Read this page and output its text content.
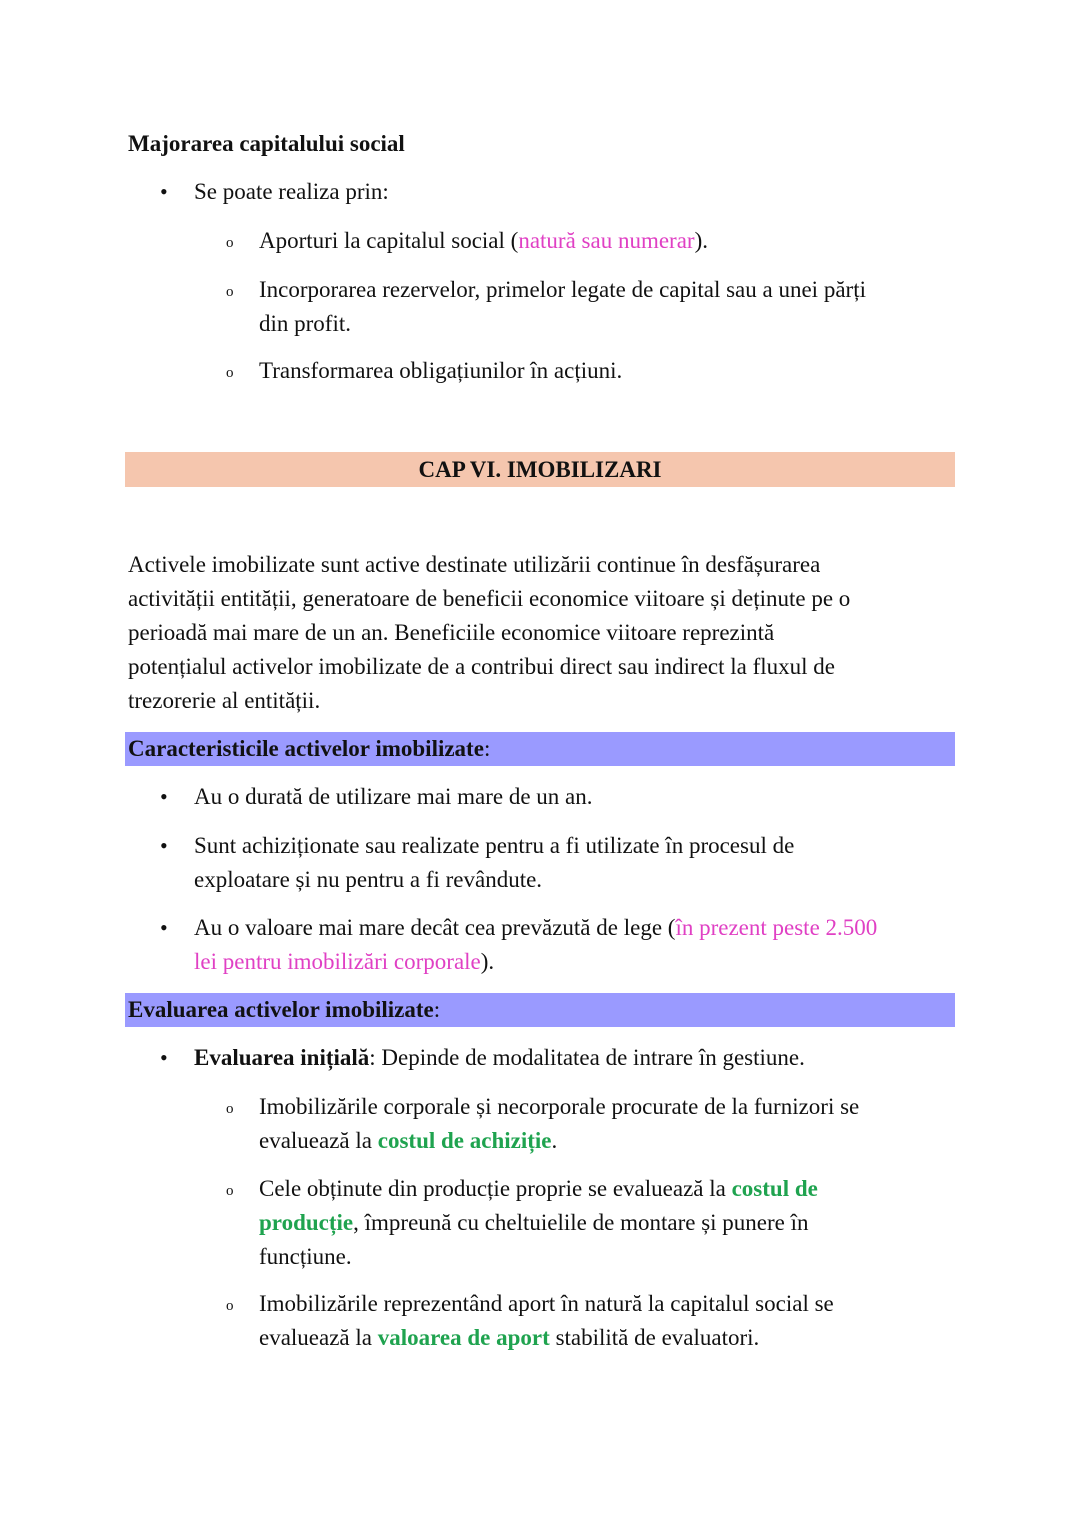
Majorarea capitalului social
• Se poate realiza prin:
o Aporturi la capitalul social (natură sau numerar).
o Incorporarea rezervelor, primelor legate de capital sau a unei părți
din profit.
o Transformarea obligațiunilor în acțiuni.
CAP VI. IMOBILIZARI
Activele imobilizate sunt active destinate utilizării continue în desfășurarea
activității entității, generatoare de beneficii economice viitoare și deținute pe o
perioadă mai mare de un an. Beneficiile economice viitoare reprezintă
potențialul activelor imobilizate de a contribui direct sau indirect la fluxul de
trezorerie al entității.
Caracteristicile activelor imobilizate:
• Au o durată de utilizare mai mare de un an.
• Sunt achiziționate sau realizate pentru a fi utilizate în procesul de
exploatare și nu pentru a fi revândute.
• Au o valoare mai mare decât cea prevăzută de lege (în prezent peste 2.500
lei pentru imobilizări corporale).
Evaluarea activelor imobilizate:
• Evaluarea inițială: Depinde de modalitatea de intrare în gestiune.
o Imobilizările corporale și necorporale procurate de la furnizori se
evaluează la costul de achiziție.
o Cele obținute din producție proprie se evaluează la costul de
producție, împreună cu cheltuielile de montare și punere în
funcțiune.
o Imobilizările reprezentând aport în natură la capitalul social se
evaluează la valoarea de aport stabilită de evaluatori.
